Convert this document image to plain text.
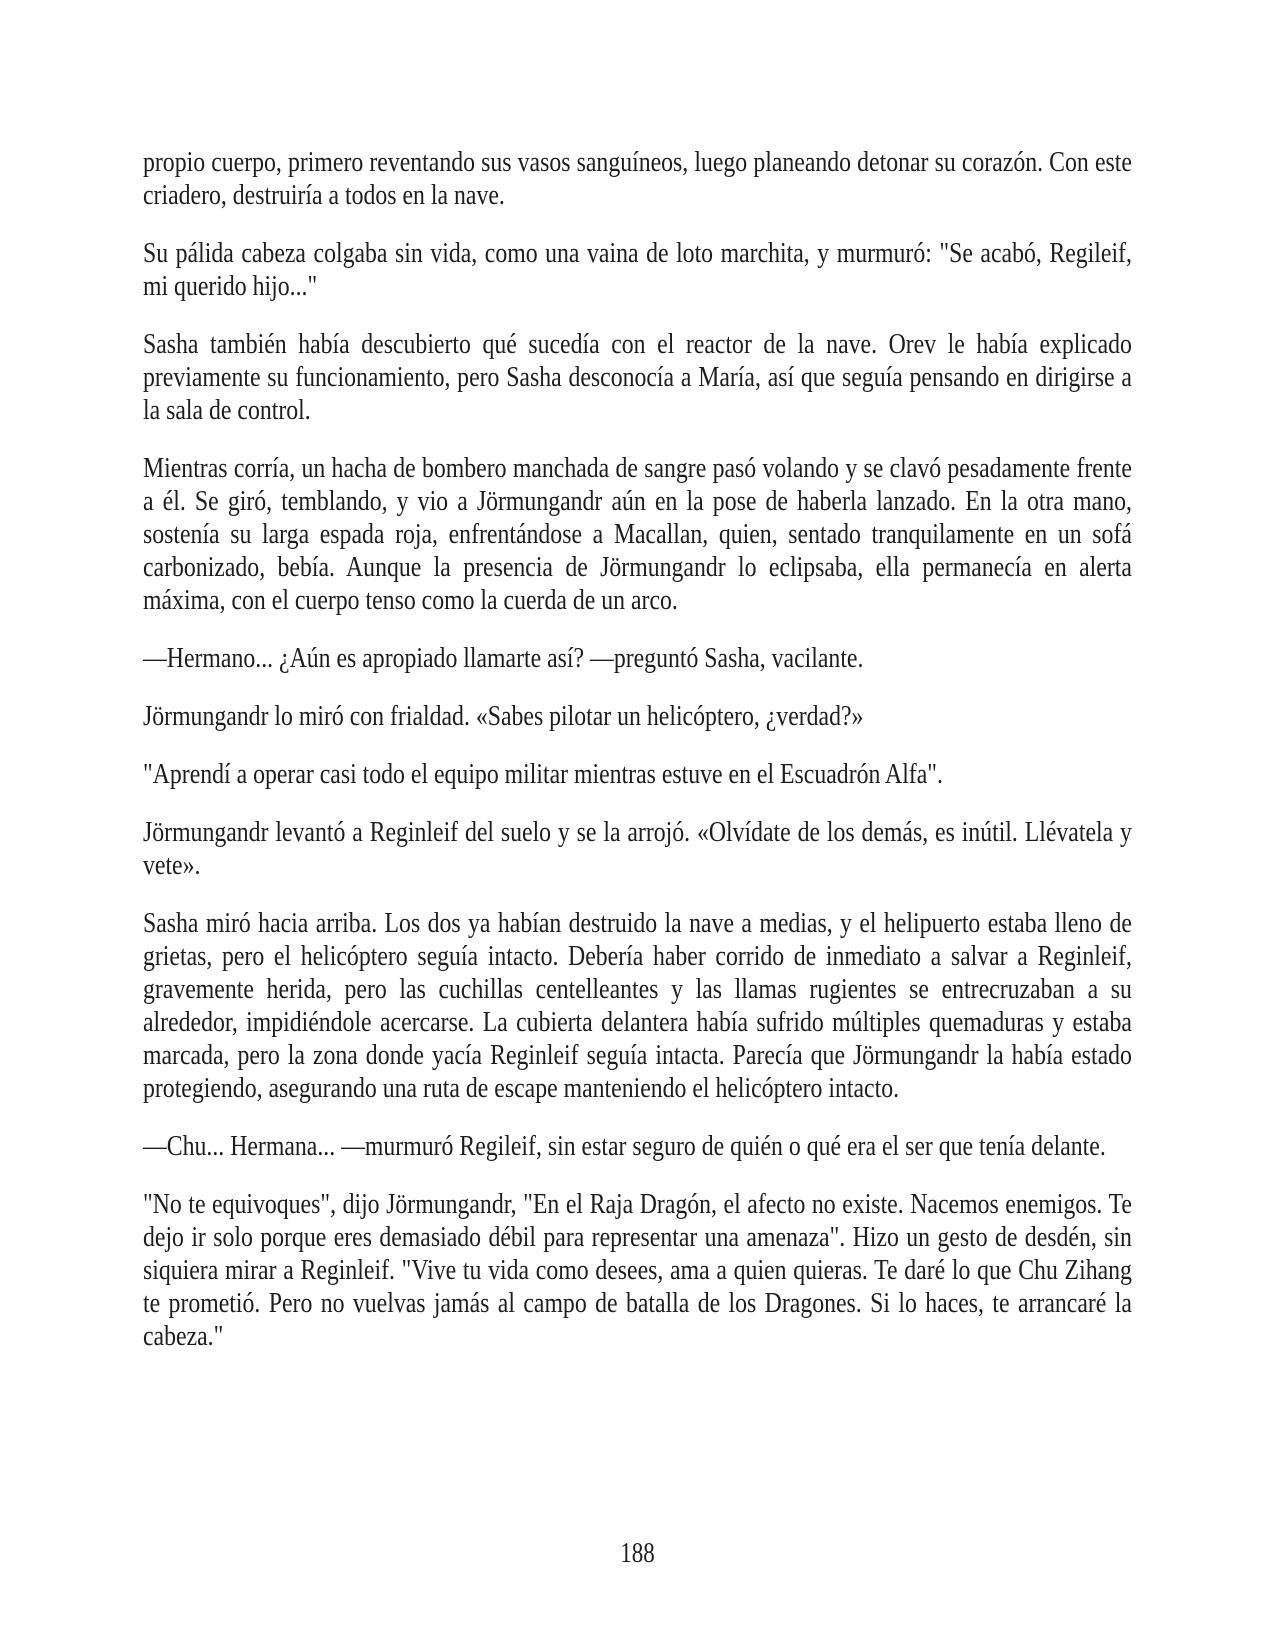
propio cuerpo, primero reventando sus vasos sanguíneos, luego planeando detonar su corazón. Con este criadero, destruiría a todos en la nave.

Su pálida cabeza colgaba sin vida, como una vaina de loto marchita, y murmuró: "Se acabó, Regileif, mi querido hijo..."

Sasha también había descubierto qué sucedía con el reactor de la nave. Orev le había explicado previamente su funcionamiento, pero Sasha desconocía a María, así que seguía pensando en dirigirse a la sala de control.

Mientras corría, un hacha de bombero manchada de sangre pasó volando y se clavó pesadamente frente a él. Se giró, temblando, y vio a Jörmungandr aún en la pose de haberla lanzado. En la otra mano, sostenía su larga espada roja, enfrentándose a Macallan, quien, sentado tranquilamente en un sofá carbonizado, bebía. Aunque la presencia de Jörmungandr lo eclipsaba, ella permanecía en alerta máxima, con el cuerpo tenso como la cuerda de un arco.

—Hermano... ¿Aún es apropiado llamarte así? —preguntó Sasha, vacilante.

Jörmungandr lo miró con frialdad. «Sabes pilotar un helicóptero, ¿verdad?»

"Aprendí a operar casi todo el equipo militar mientras estuve en el Escuadrón Alfa".

Jörmungandr levantó a Reginleif del suelo y se la arrojó. «Olvídate de los demás, es inútil. Llévatela y vete».

Sasha miró hacia arriba. Los dos ya habían destruido la nave a medias, y el helipuerto estaba lleno de grietas, pero el helicóptero seguía intacto. Debería haber corrido de inmediato a salvar a Reginleif, gravemente herida, pero las cuchillas centelleantes y las llamas rugientes se entrecruzaban a su alrededor, impidiéndole acercarse. La cubierta delantera había sufrido múltiples quemaduras y estaba marcada, pero la zona donde yacía Reginleif seguía intacta. Parecía que Jörmungandr la había estado protegiendo, asegurando una ruta de escape manteniendo el helicóptero intacto.

—Chu... Hermana... —murmuró Regileif, sin estar seguro de quién o qué era el ser que tenía delante.

"No te equivoques", dijo Jörmungandr, "En el Raja Dragón, el afecto no existe. Nacemos enemigos. Te dejo ir solo porque eres demasiado débil para representar una amenaza". Hizo un gesto de desdén, sin siquiera mirar a Reginleif. "Vive tu vida como desees, ama a quien quieras. Te daré lo que Chu Zihang te prometió. Pero no vuelvas jamás al campo de batalla de los Dragones. Si lo haces, te arrancaré la cabeza."

188
